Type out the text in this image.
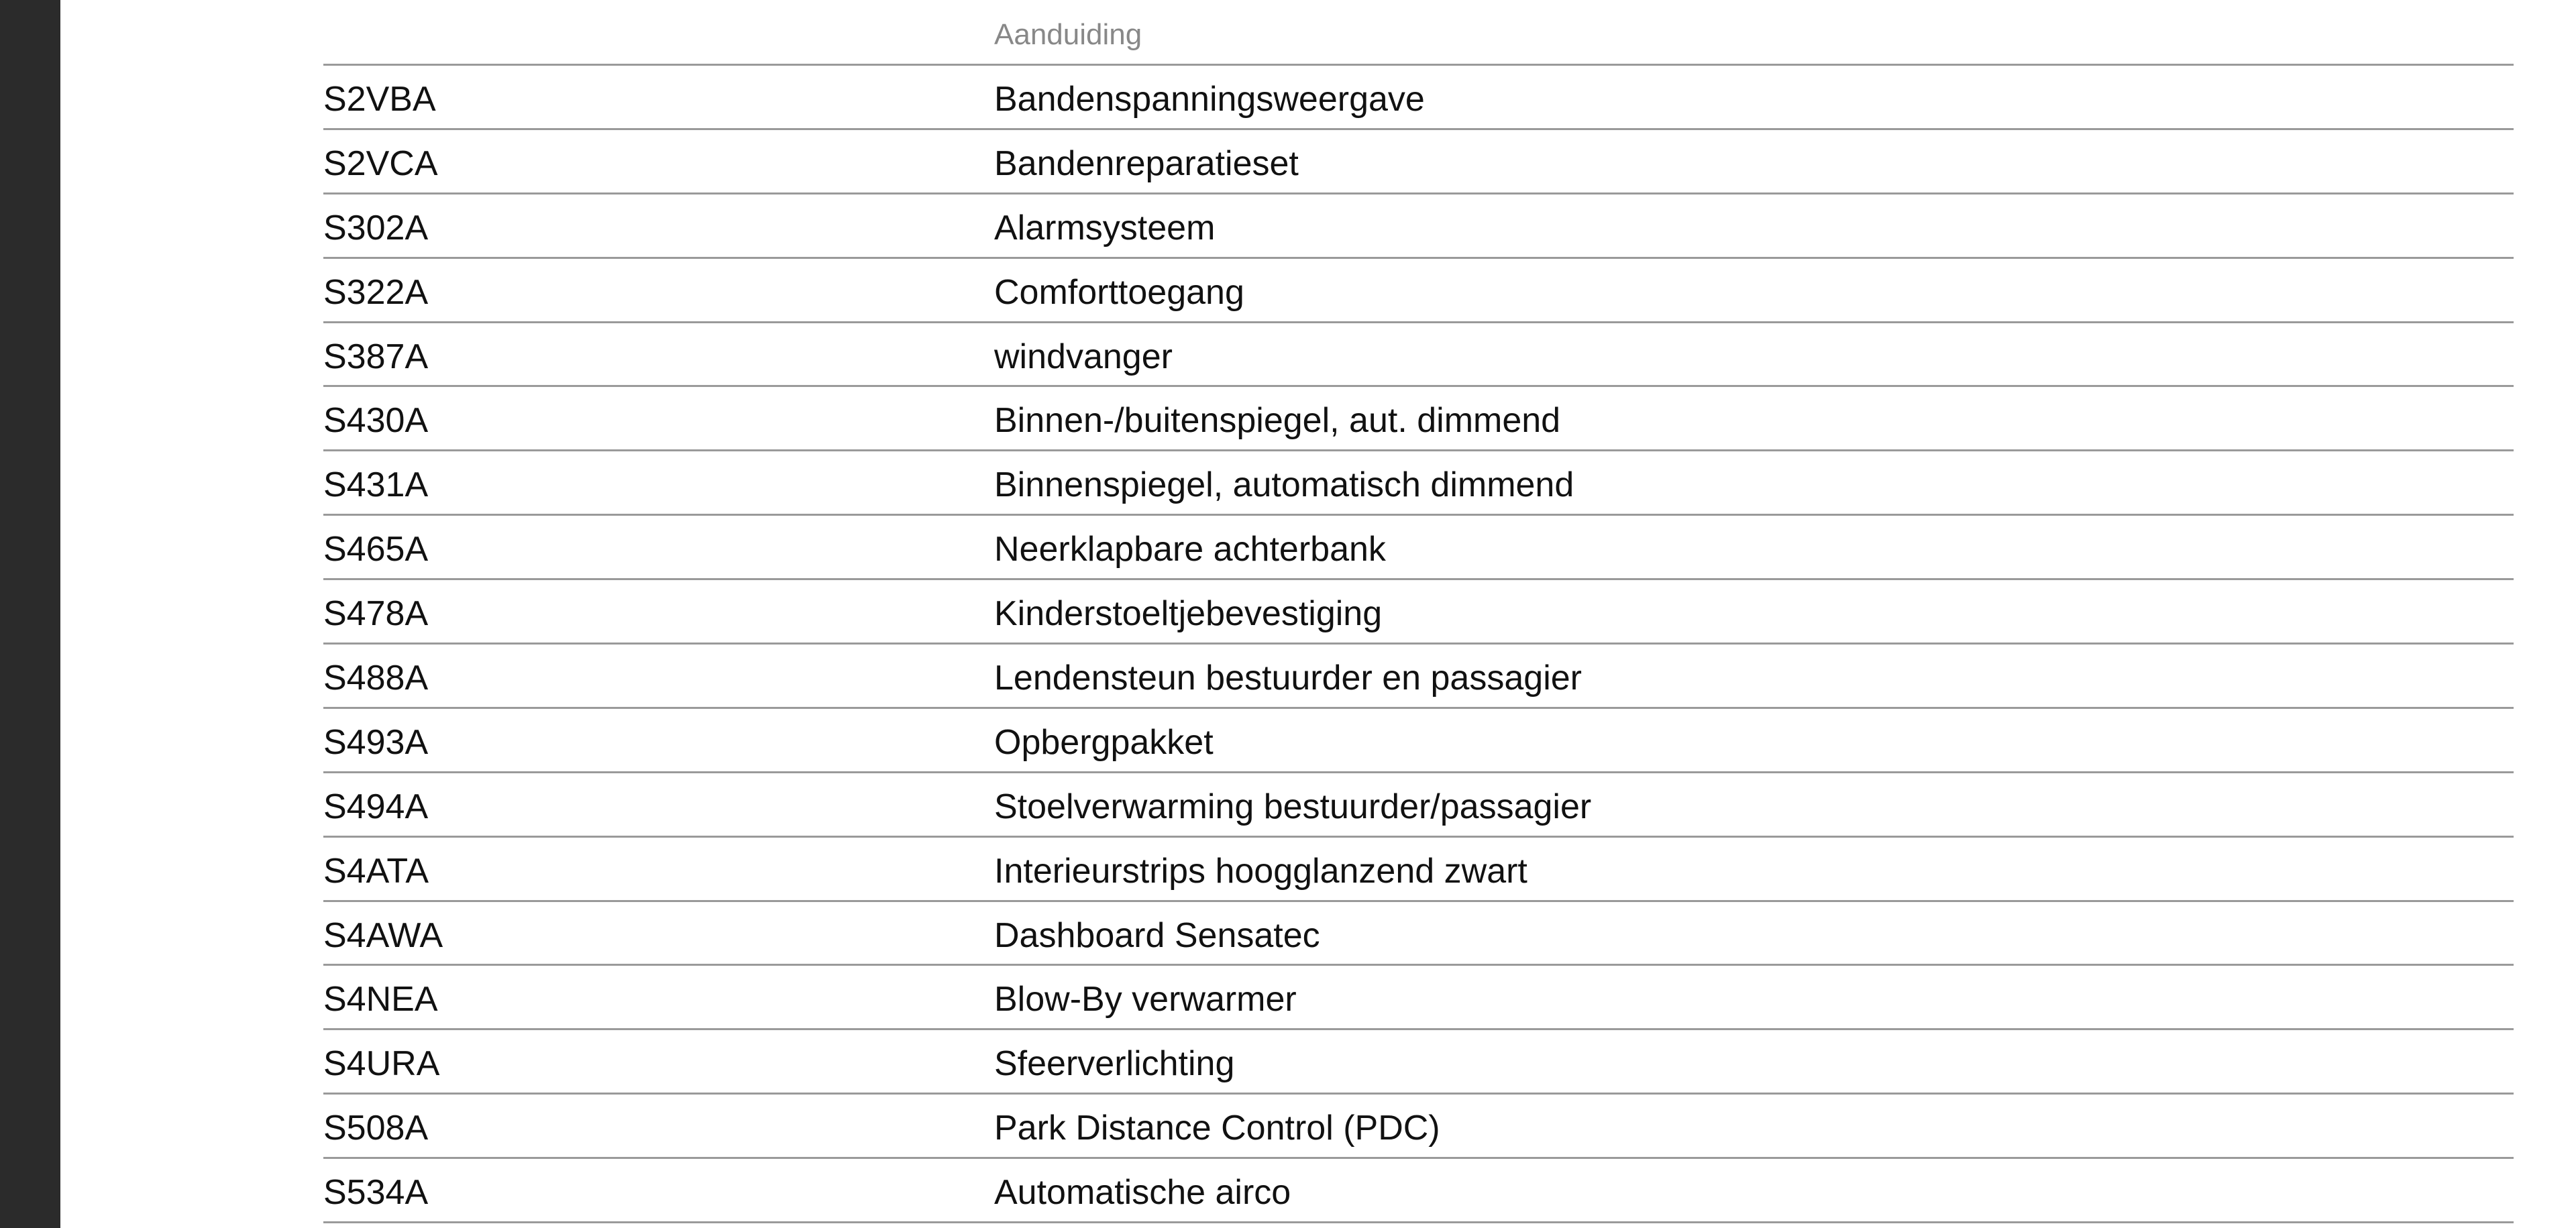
Aanduiding
S2VBA	Bandenspanningsweergave
S2VCA	Bandenreparatieset
S302A	Alarmsysteem
S322A	Comforttoegang
S387A	windvanger
S430A	Binnen-/buitenspiegel, aut. dimmend
S431A	Binnenspiegel, automatisch dimmend
S465A	Neerklapbare achterbank
S478A	Kinderstoeltjebevestiging
S488A	Lendensteun bestuurder en passagier
S493A	Opbergpakket
S494A	Stoelverwarming bestuurder/passagier
S4ATA	Interieurstrips hoogglanzend zwart
S4AWA	Dashboard Sensatec
S4NEA	Blow-By verwarmer
S4URA	Sfeerverlichting
S508A	Park Distance Control (PDC)
S534A	Automatische airco
